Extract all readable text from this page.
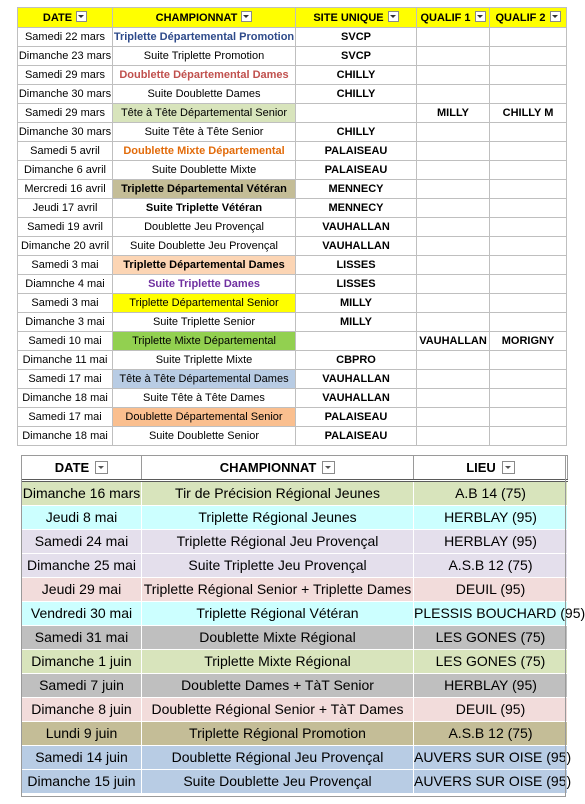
DATE	CHAMPIONNAT	SITE UNIQUE	QUALIF 1	QUALIF 2
Samedi 22 mars	Triplette Départemental Promotion	SVCP		
Dimanche 23 mars	Suite Triplette Promotion	SVCP		
Samedi 29 mars	Doublette Départemental Dames	CHILLY		
Dimanche 30 mars	Suite Doublette Dames	CHILLY		
Samedi 29 mars	Tête à Tête Départemental Senior		MILLY	CHILLY M
Dimanche 30 mars	Suite Tête à Tête Senior	CHILLY		
Samedi 5 avril	Doublette Mixte Départemental	PALAISEAU		
Dimanche 6 avril	Suite Doublette Mixte	PALAISEAU		
Mercredi 16 avril	Triplette Départemental Vétéran	MENNECY		
Jeudi 17 avril	Suite Triplette Vétéran	MENNECY		
Samedi 19 avril	Doublette Jeu Provençal	VAUHALLAN		
Dimanche 20 avril	Suite Doublette Jeu Provençal	VAUHALLAN		
Samedi 3 mai	Triplette Départemental Dames	LISSES		
Diamnche 4 mai	Suite Triplette Dames	LISSES		
Samedi 3 mai	Triplette Départemental Senior	MILLY		
Dimanche 3 mai	Suite Triplette Senior	MILLY		
Samedi 10 mai	Triplette Mixte Départemental		VAUHALLAN	MORIGNY
Dimanche 11 mai	Suite Triplette Mixte	CBPRO		
Samedi 17 mai	Tête à Tête Départemental Dames	VAUHALLAN		
Dimanche 18 mai	Suite Tête à Tête Dames	VAUHALLAN		
Samedi 17 mai	Doublette Départemental Senior	PALAISEAU		
Dimanche 18 mai	Suite Doublette Senior	PALAISEAU		
DATE	CHAMPIONNAT	LIEU
Dimanche 16 mars	Tir de Précision Régional Jeunes	A.B 14 (75)
Jeudi 8 mai	Triplette Régional Jeunes	HERBLAY (95)
Samedi 24 mai	Triplette Régional Jeu Provençal	HERBLAY (95)
Dimanche 25 mai	Suite Triplette Jeu Provençal	A.S.B 12 (75)
Jeudi 29 mai	Triplette Régional Senior + Triplette Dames	DEUIL (95)
Vendredi 30 mai	Triplette Régional Vétéran	PLESSIS BOUCHARD (95)
Samedi 31 mai	Doublette Mixte Régional	LES GONES (75)
Dimanche 1 juin	Triplette Mixte Régional	LES GONES (75)
Samedi 7 juin	Doublette Dames + TàT Senior	HERBLAY (95)
Dimanche 8 juin	Doublette Régional Senior + TàT Dames	DEUIL (95)
Lundi 9 juin	Triplette Régional Promotion	A.S.B 12 (75)
Samedi 14 juin	Doublette Régional Jeu Provençal	AUVERS SUR OISE (95)
Dimanche 15 juin	Suite Doublette Jeu Provençal	AUVERS SUR OISE (95)
